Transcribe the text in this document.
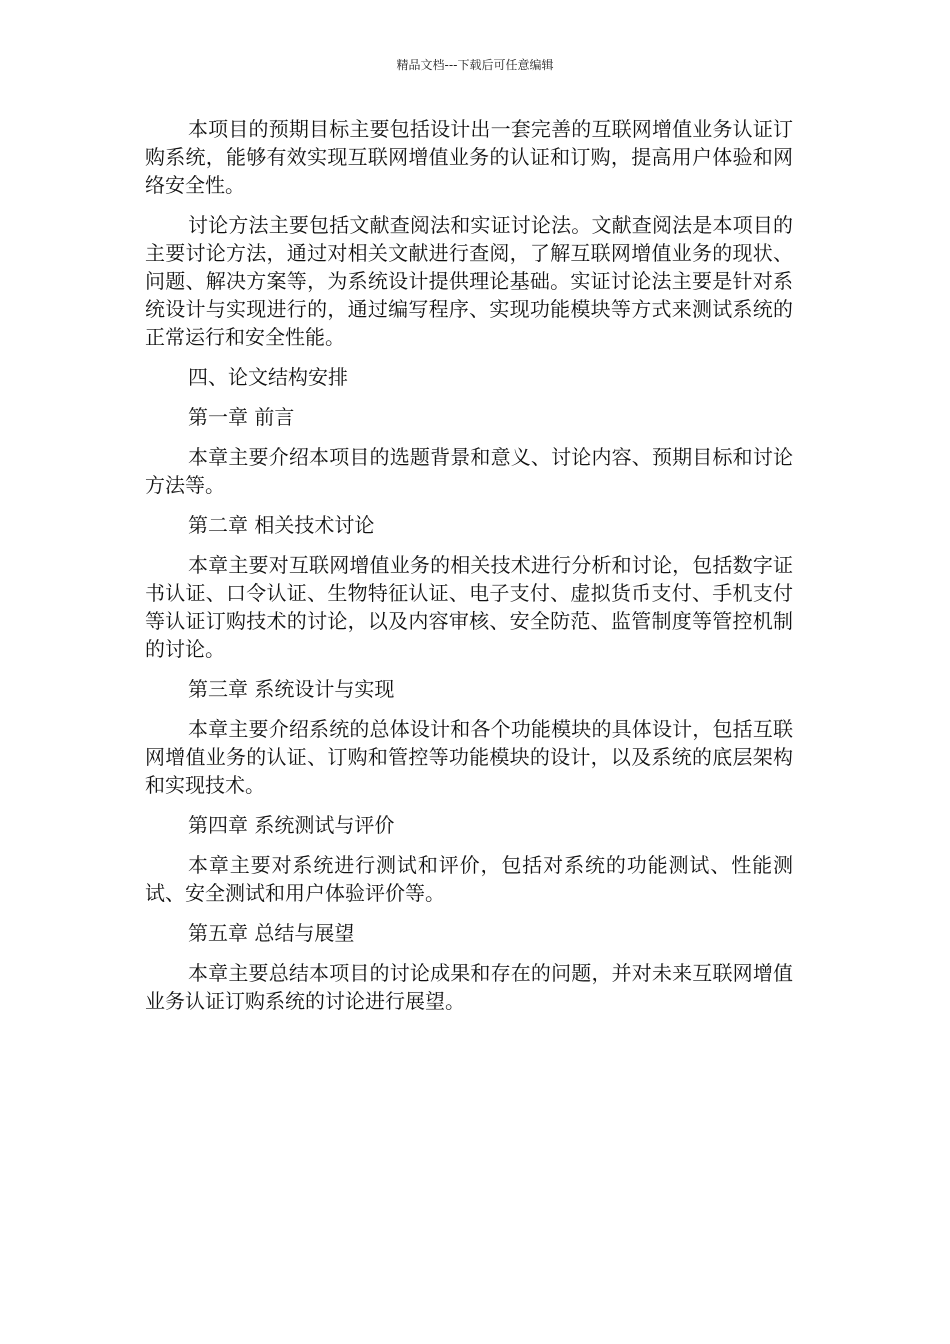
精品文档---下载后可任意编辑

本项目的预期目标主要包括设计出一套完善的互联网增值业务认证订购系统，能够有效实现互联网增值业务的认证和订购，提高用户体验和网络安全性。

讨论方法主要包括文献查阅法和实证讨论法。文献查阅法是本项目的主要讨论方法，通过对相关文献进行查阅，了解互联网增值业务的现状、问题、解决方案等，为系统设计提供理论基础。实证讨论法主要是针对系统设计与实现进行的，通过编写程序、实现功能模块等方式来测试系统的正常运行和安全性能。

四、论文结构安排

第一章 前言

本章主要介绍本项目的选题背景和意义、讨论内容、预期目标和讨论方法等。

第二章 相关技术讨论

本章主要对互联网增值业务的相关技术进行分析和讨论，包括数字证书认证、口令认证、生物特征认证、电子支付、虚拟货币支付、手机支付等认证订购技术的讨论，以及内容审核、安全防范、监管制度等管控机制的讨论。

第三章 系统设计与实现

本章主要介绍系统的总体设计和各个功能模块的具体设计，包括互联网增值业务的认证、订购和管控等功能模块的设计，以及系统的底层架构和实现技术。

第四章 系统测试与评价

本章主要对系统进行测试和评价，包括对系统的功能测试、性能测试、安全测试和用户体验评价等。

第五章 总结与展望

本章主要总结本项目的讨论成果和存在的问题，并对未来互联网增值业务认证订购系统的讨论进行展望。
